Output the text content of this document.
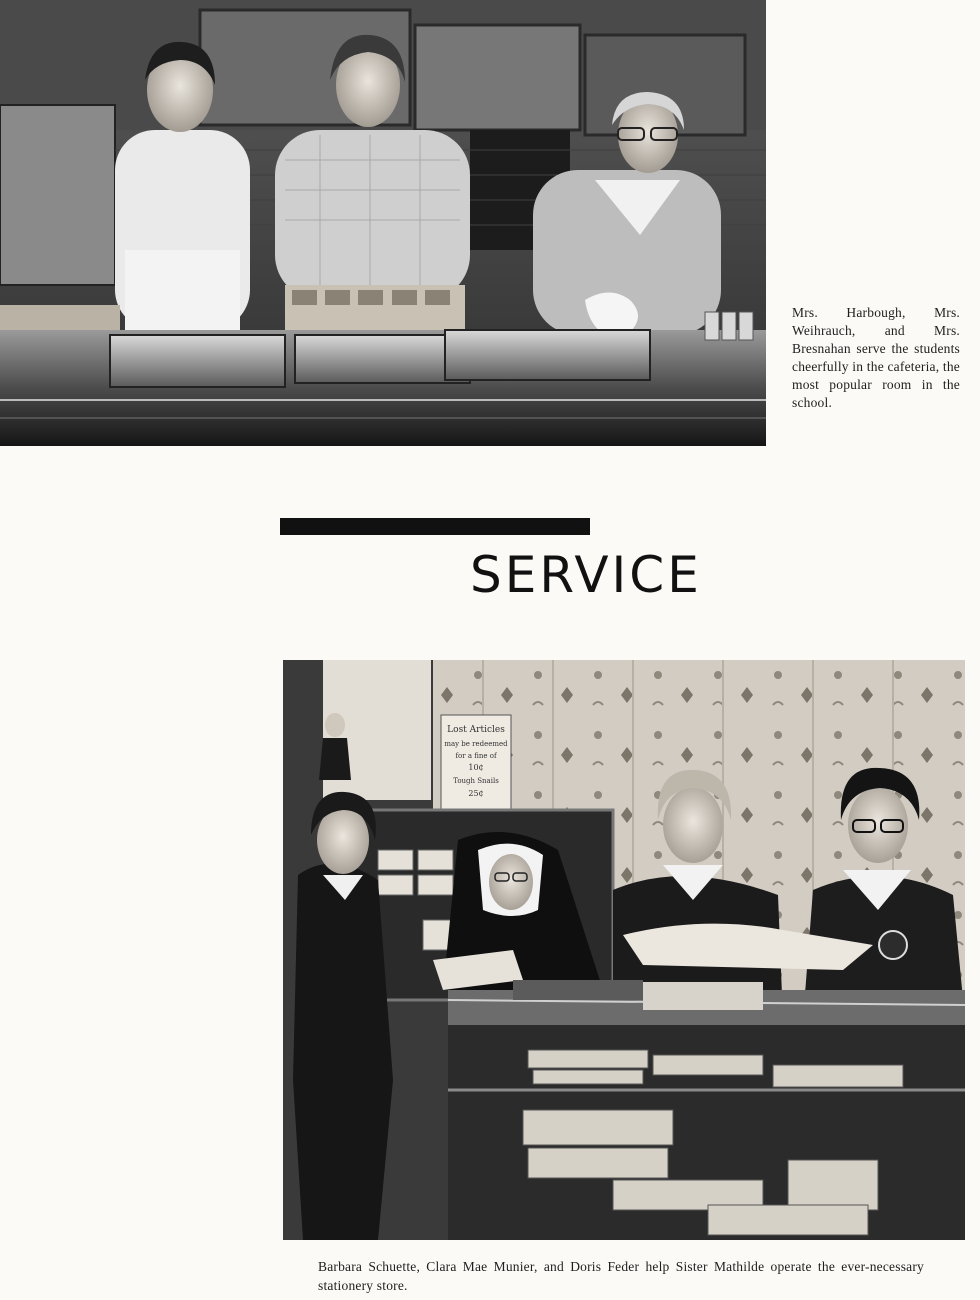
Mrs. Harbough, Mrs. Weihrauch, and Mrs. Bresnahan serve the students cheerfully in the cafeteria, the most popular room in the school.
SERVICE
Lost Articles
may be redeemed
for a fine of
10¢
Tough Snails
25¢
Barbara Schuette, Clara Mae Munier, and Doris Feder help Sister Mathilde operate the ever-necessary stationery store.
